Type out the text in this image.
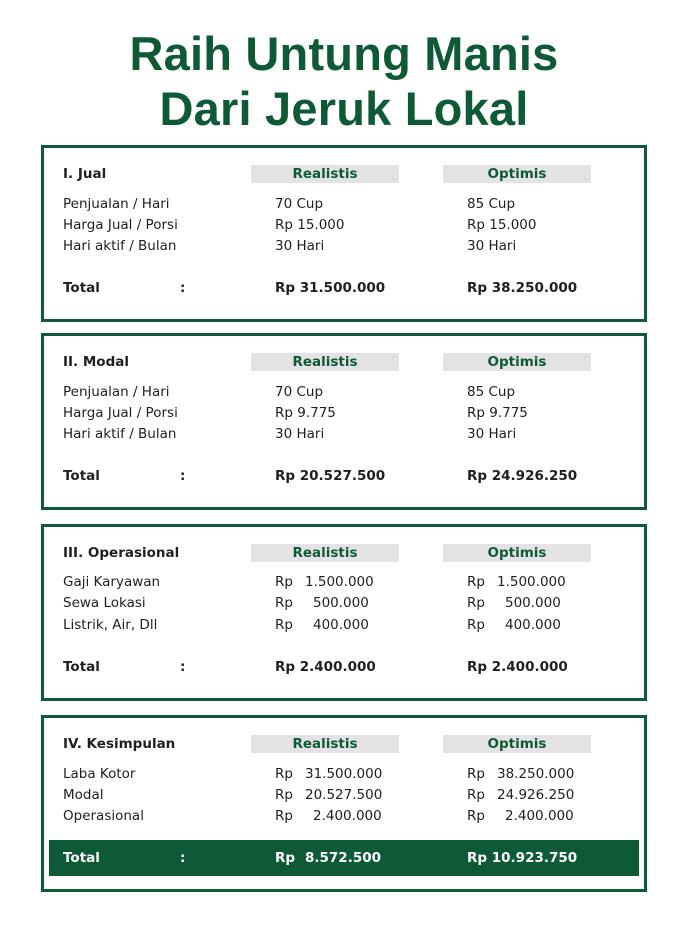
Raih Untung Manis
Dari Jeruk Lokal
I. Jual	Realistis	Optimis
Penjualan / Hari	70 Cup	85 Cup
Harga Jual / Porsi	Rp 15.000	Rp 15.000
Hari aktif / Bulan	30 Hari	30 Hari
Total	:	Rp 31.500.000	Rp 38.250.000
II. Modal	Realistis	Optimis
Penjualan / Hari	70 Cup	85 Cup
Harga Jual / Porsi	Rp 9.775	Rp 9.775
Hari aktif / Bulan	30 Hari	30 Hari
Total	:	Rp 20.527.500	Rp 24.926.250
III. Operasional	Realistis	Optimis
Gaji Karyawan	Rp 1.500.000	Rp 1.500.000
Sewa Lokasi	Rp 500.000	Rp 500.000
Listrik, Air, Dll	Rp 400.000	Rp 400.000
Total	:	Rp 2.400.000	Rp 2.400.000
IV. Kesimpulan	Realistis	Optimis
Laba Kotor	Rp 31.500.000	Rp 38.250.000
Modal	Rp 20.527.500	Rp 24.926.250
Operasional	Rp 2.400.000	Rp 2.400.000
Total	:	Rp 8.572.500	Rp 10.923.750
